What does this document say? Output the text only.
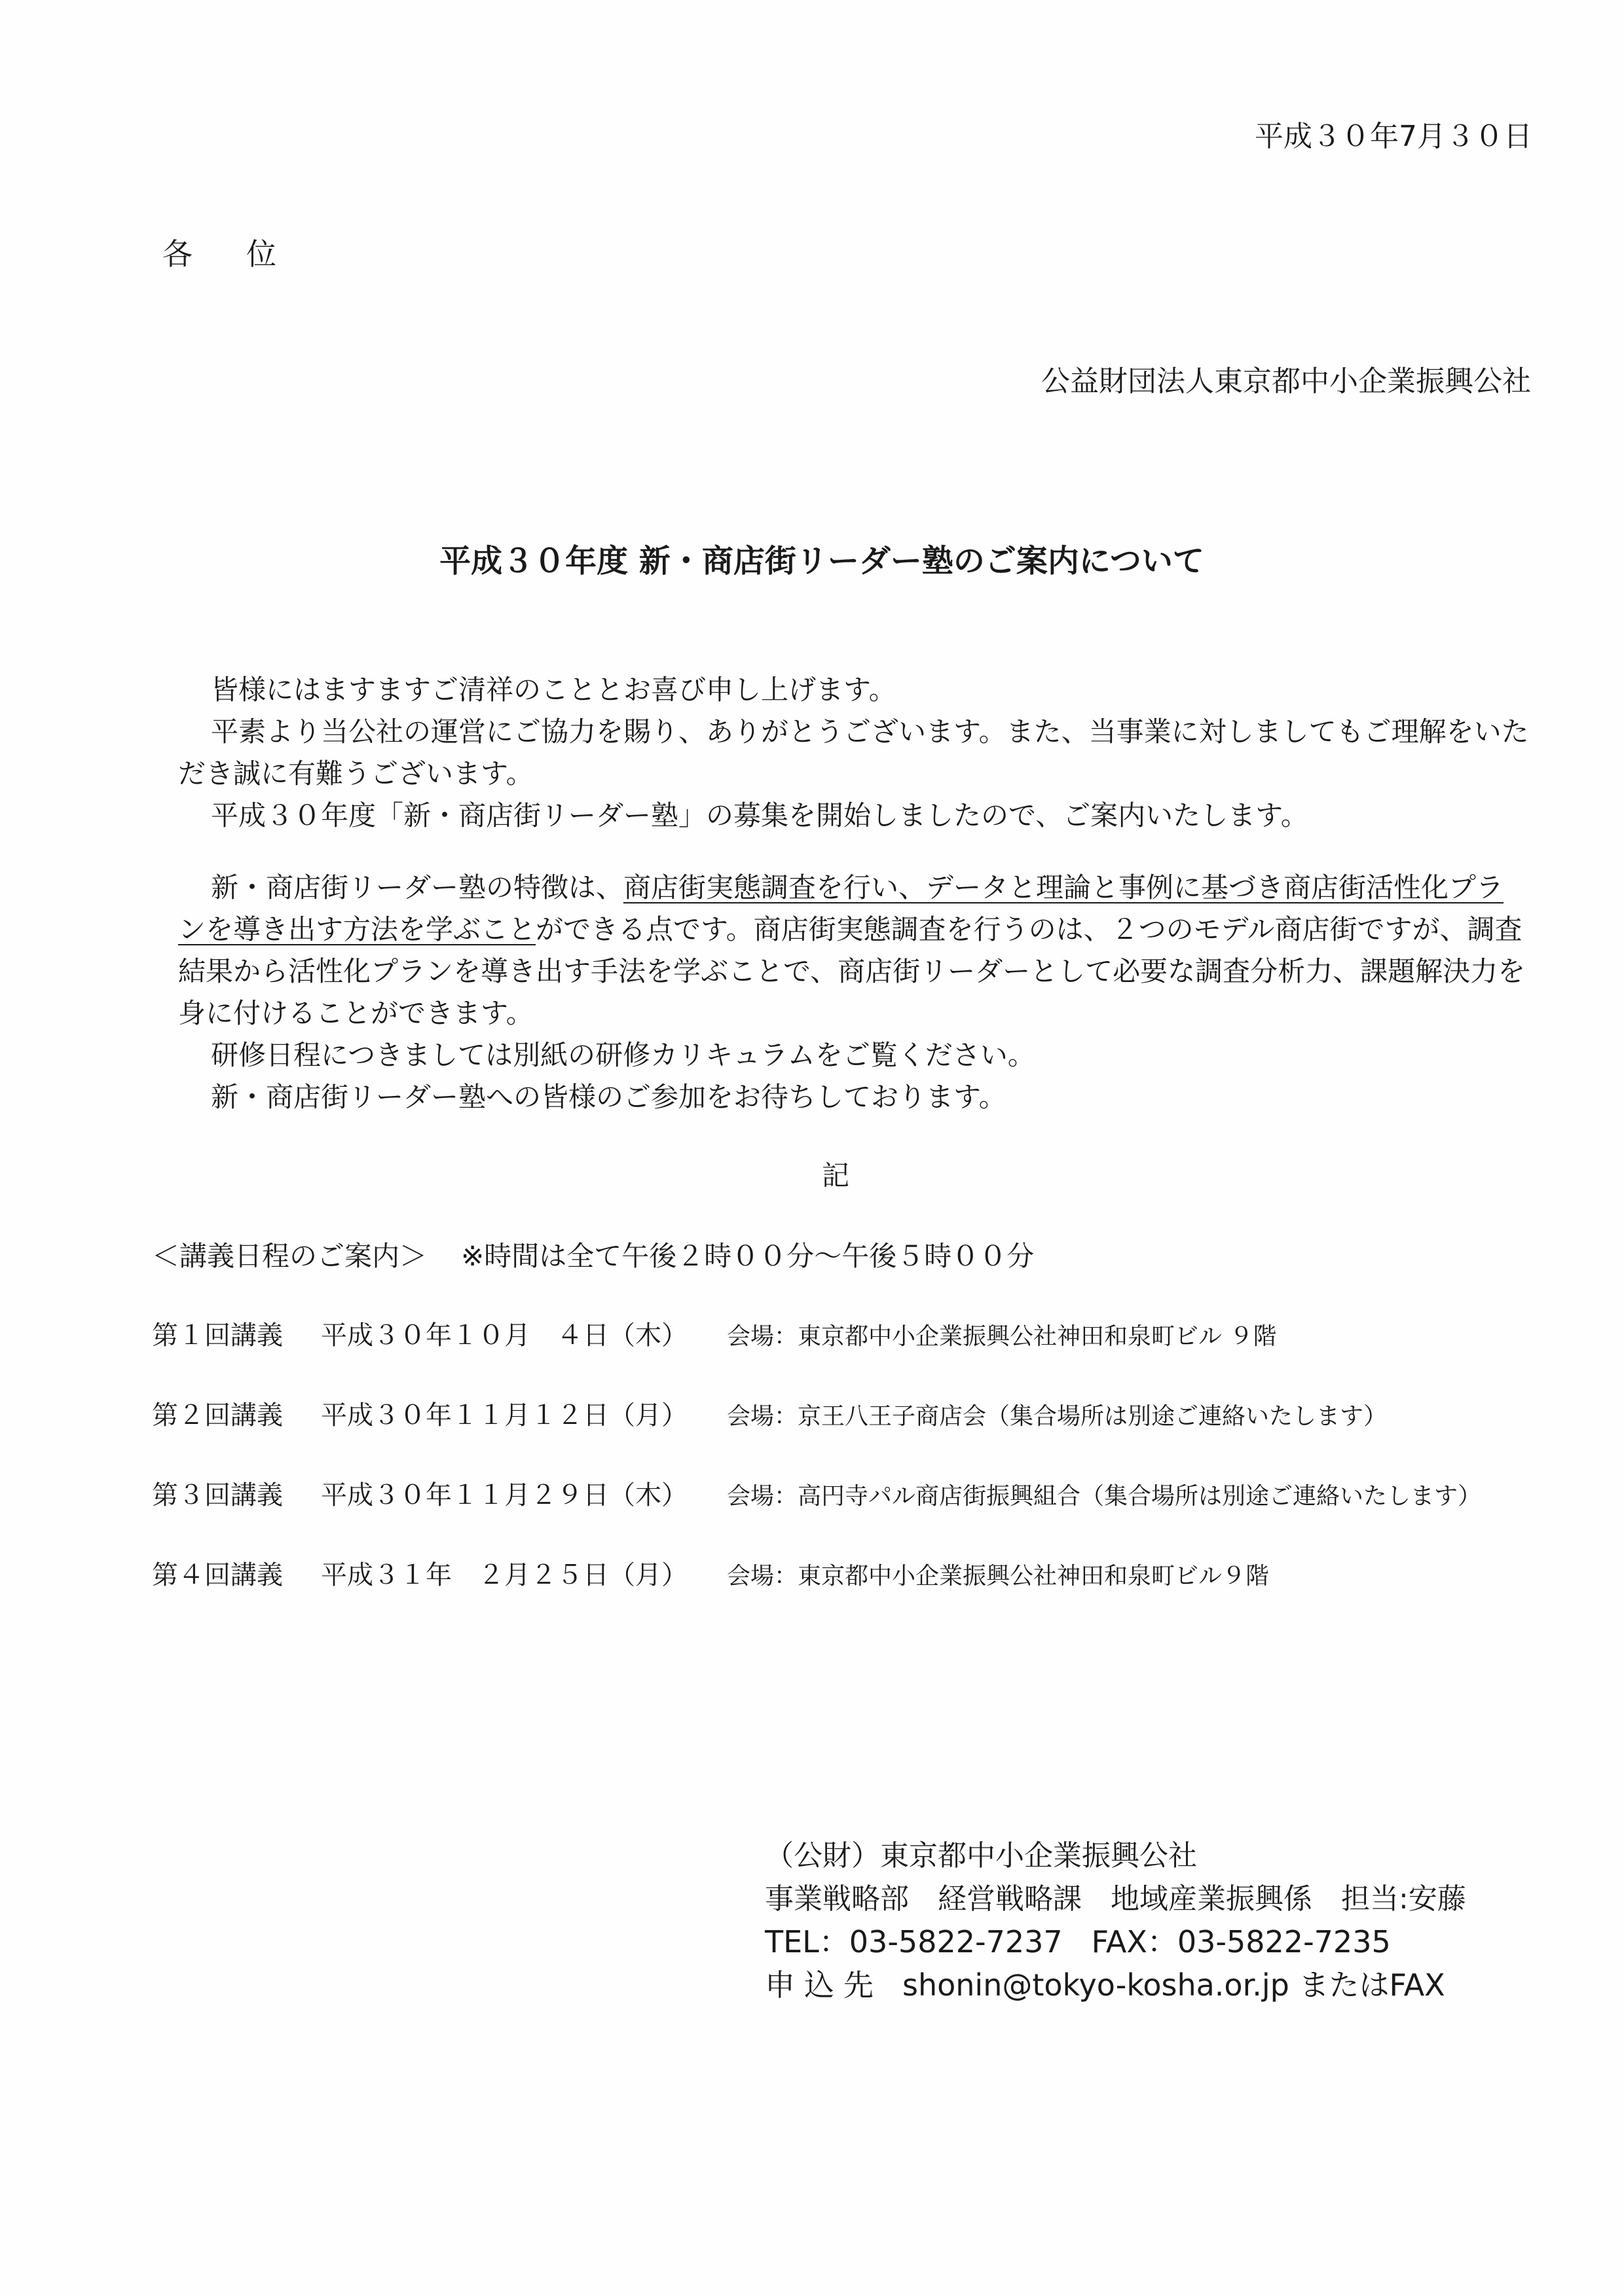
平成３０年7月３０日
各 位
公益財団法人東京都中小企業振興公社
平成３０年度 新・商店街リーダー塾のご案内について
皆様にはますますご清祥のこととお喜び申し上げます。
平素より当公社の運営にご協力を賜り、ありがとうございます。また、当事業に対しましてもご理解をいただき誠に有難うございます。
平成３０年度「新・商店街リーダー塾」の募集を開始しましたので、ご案内いたします。
新・商店街リーダー塾の特徴は、商店街実態調査を行い、データと理論と事例に基づき商店街活性化プランを導き出す方法を学ぶことができる点です。商店街実態調査を行うのは、２つのモデル商店街ですが、調査結果から活性化プランを導き出す手法を学ぶことで、商店街リーダーとして必要な調査分析力、課題解決力を身に付けることができます。
研修日程につきましては別紙の研修カリキュラムをご覧ください。
新・商店街リーダー塾への皆様のご参加をお待ちしております。
記
＜講義日程のご案内＞ ※時間は全て午後２時００分～午後５時００分
第１回講義 平成３０年１０月　４日（木） 会場：東京都中小企業振興公社神田和泉町ビル ９階
第２回講義 平成３０年１１月１２日（月） 会場：京王八王子商店会（集合場所は別途ご連絡いたします）
第３回講義 平成３０年１１月２９日（木） 会場：高円寺パル商店街振興組合（集合場所は別途ご連絡いたします）
第４回講義 平成３１年　２月２５日（月） 会場：東京都中小企業振興公社神田和泉町ビル９階
（公財）東京都中小企業振興公社
事業戦略部 経営戦略課 地域産業振興係 担当:安藤
TEL：03-5822-7237 FAX：03-5822-7235
申込先 shonin@tokyo-kosha.or.jp またはFAX
